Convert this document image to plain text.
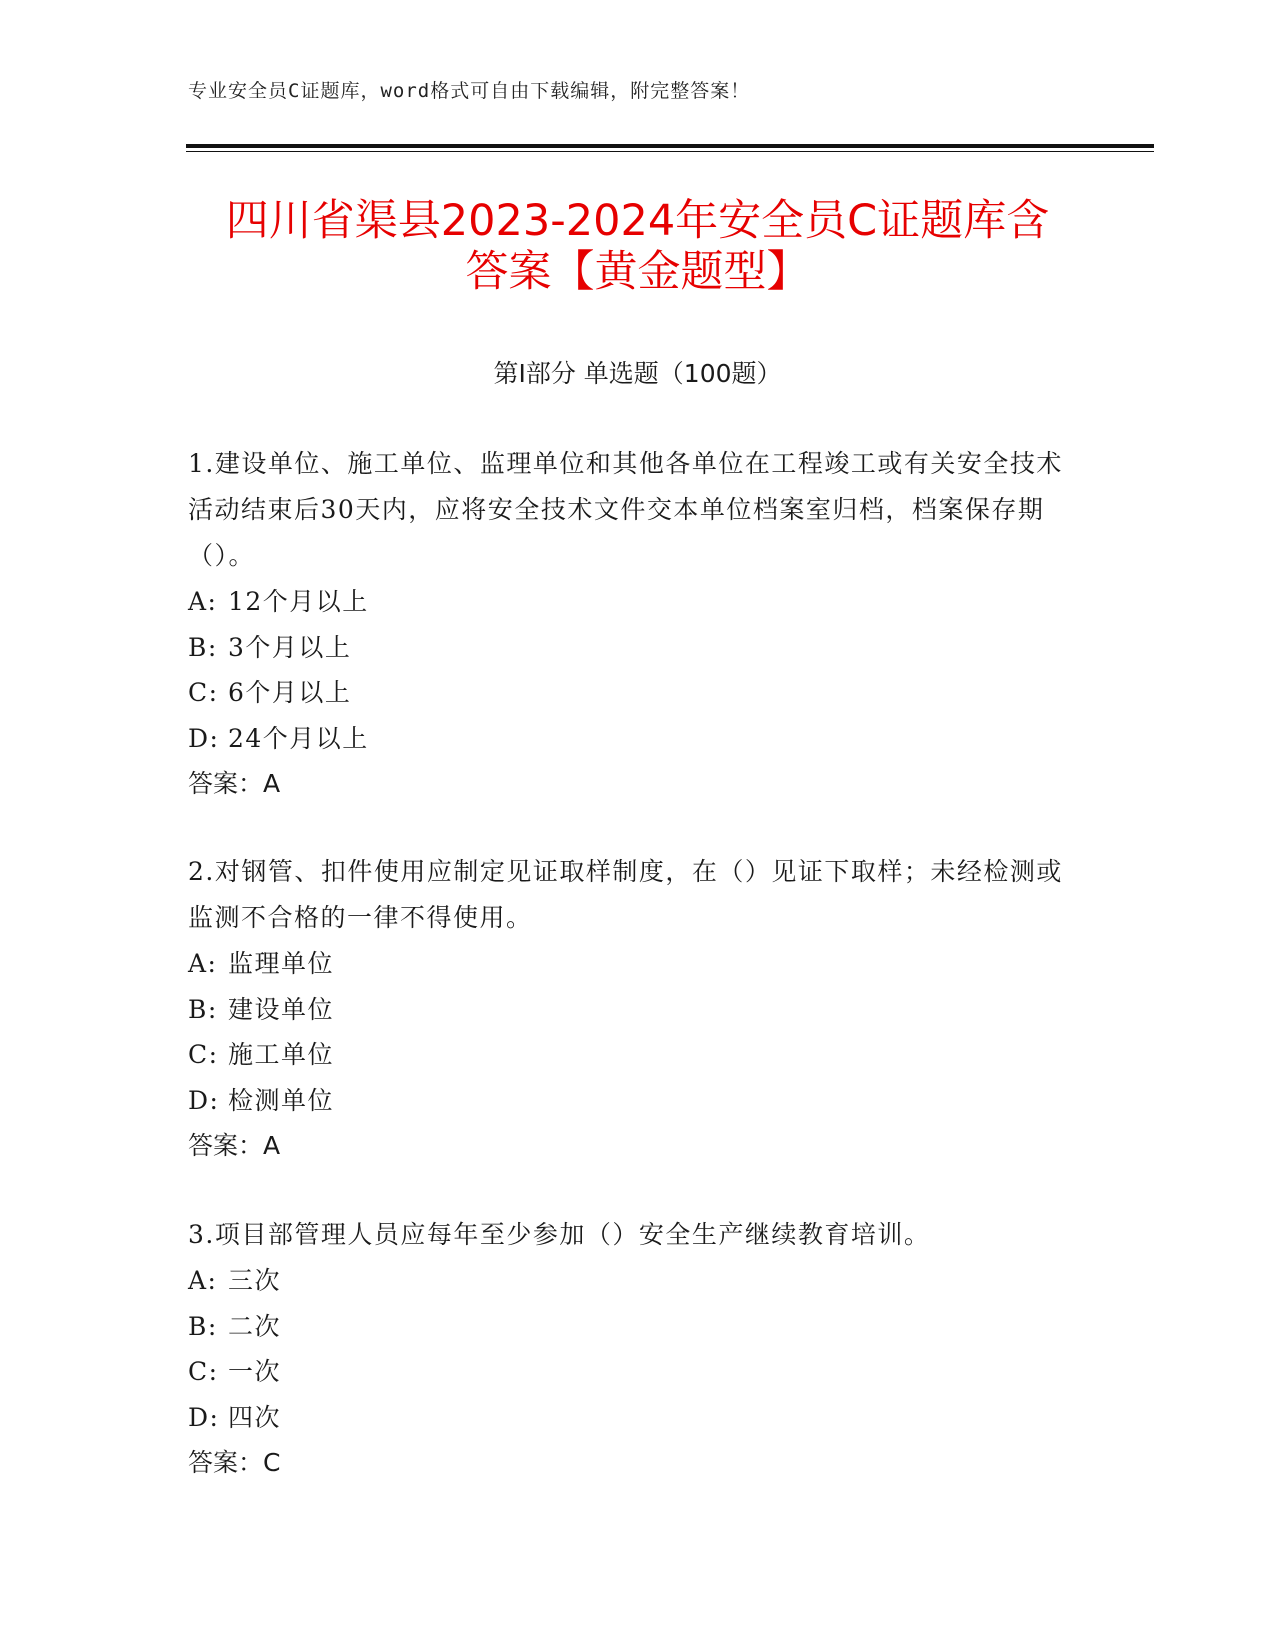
专业安全员C证题库，word格式可自由下载编辑，附完整答案！
四川省渠县2023-2024年安全员C证题库含
答案【黄金题型】
第I部分 单选题（100题）

1.建设单位、施工单位、监理单位和其他各单位在工程竣工或有关安全技术活动结束后30天内，应将安全技术文件交本单位档案室归档，档案保存期（）。

A: 12个月以上

B: 3个月以上

C: 6个月以上

D: 24个月以上

答案：A

2.对钢管、扣件使用应制定见证取样制度，在（）见证下取样；未经检测或监测不合格的一律不得使用。

A: 监理单位

B: 建设单位

C: 施工单位

D: 检测单位

答案：A

3.项目部管理人员应每年至少参加（）安全生产继续教育培训。

A: 三次

B: 二次

C: 一次

D: 四次

答案：C
